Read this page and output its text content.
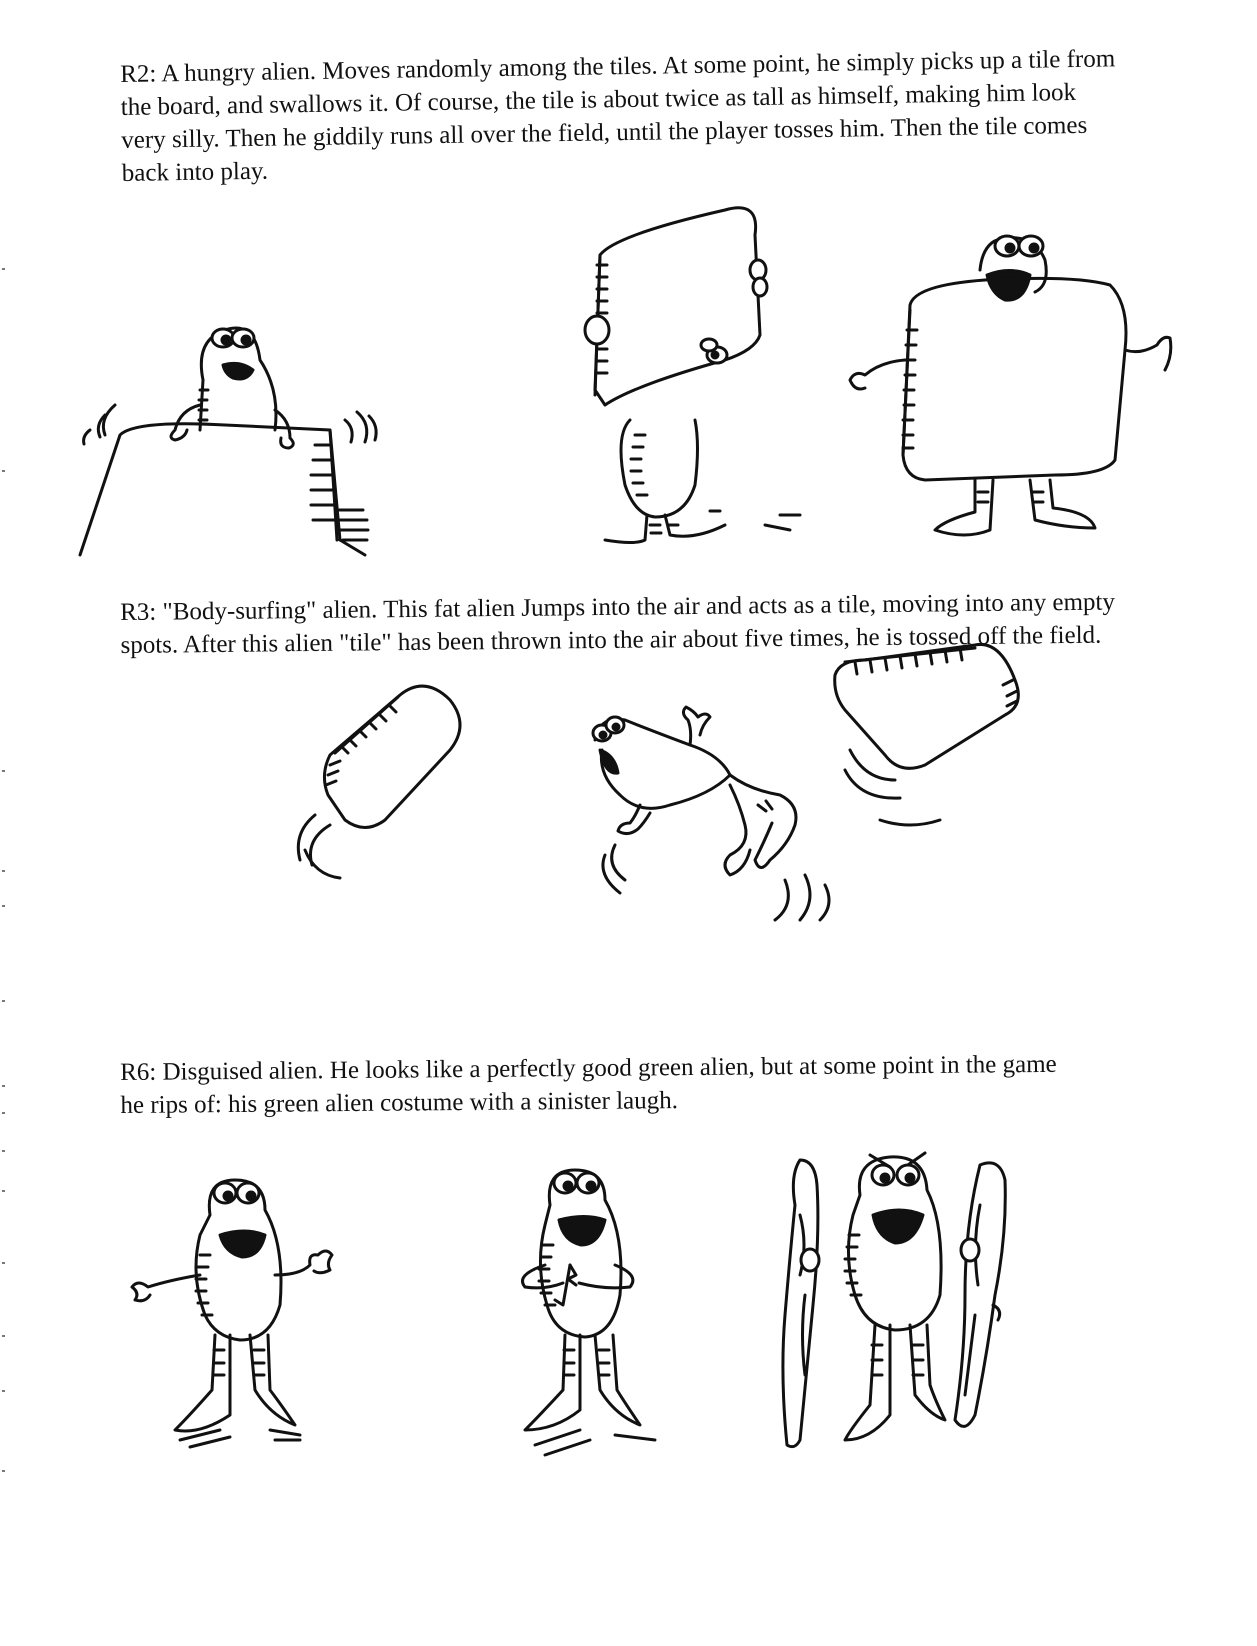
R2: A hungry alien. Moves randomly among the tiles. At some point, he simply picks up a tile from the board, and swallows it. Of course, the tile is about twice as tall as himself, making him look very silly. Then he giddily runs all over the field, until the player tosses him. Then the tile comes back into play.

R3: "Body-surfing" alien. This fat alien Jumps into the air and acts as a tile, moving into any empty spots. After this alien "tile" has been thrown into the air about five times, he is tossed off the field.

R6: Disguised alien. He looks like a perfectly good green alien, but at some point in the game he rips of: his green alien costume with a sinister laugh.
